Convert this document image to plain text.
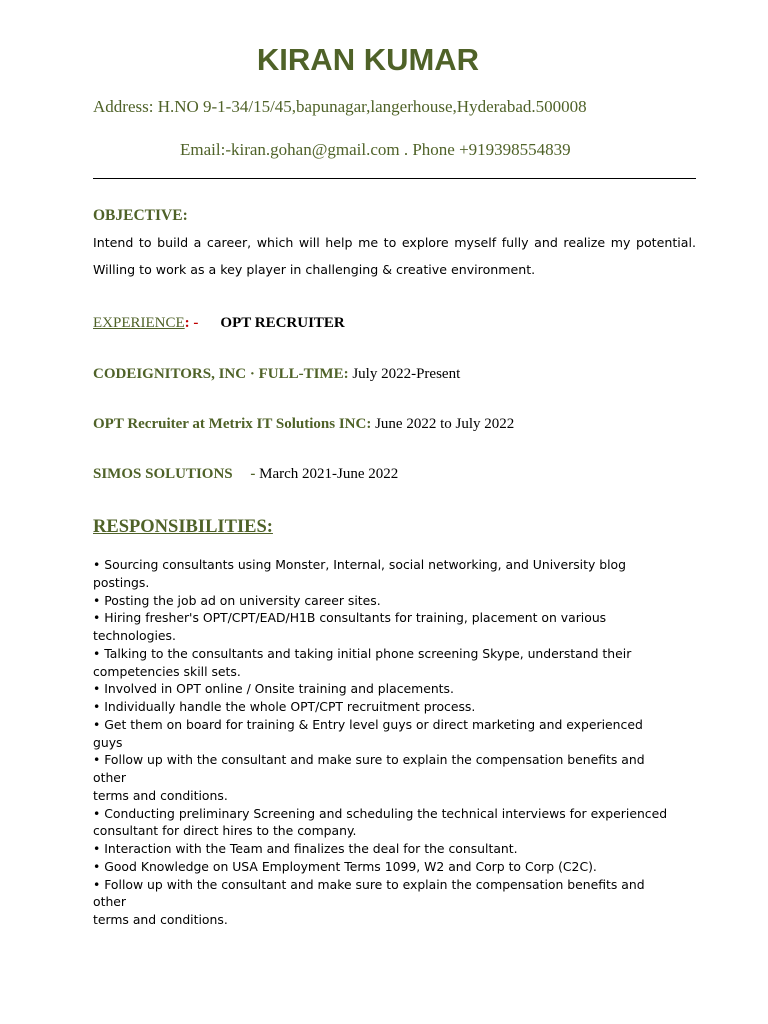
KIRAN KUMAR
Address: H.NO 9-1-34/15/45,bapunagar,langerhouse,Hyderabad.500008
Email:-kiran.gohan@gmail.com . Phone +919398554839
OBJECTIVE:
Intend to build a career, which will help me to explore myself fully and realize my potential.
Willing to work as a key player in challenging & creative environment.
EXPERIENCE: - OPT RECRUITER
CODEIGNITORS, INC · FULL-TIME: July 2022-Present
OPT Recruiter at Metrix IT Solutions INC: June 2022 to July 2022
SIMOS SOLUTIONS - March 2021-June 2022
RESPONSIBILITIES:
• Sourcing consultants using Monster, Internal, social networking, and University blog
postings.
• Posting the job ad on university career sites.
• Hiring fresher's OPT/CPT/EAD/H1B consultants for training, placement on various
technologies.
• Talking to the consultants and taking initial phone screening Skype, understand their
competencies skill sets.
• Involved in OPT online / Onsite training and placements.
• Individually handle the whole OPT/CPT recruitment process.
• Get them on board for training & Entry level guys or direct marketing and experienced
guys
• Follow up with the consultant and make sure to explain the compensation benefits and
other
terms and conditions.
• Conducting preliminary Screening and scheduling the technical interviews for experienced
consultant for direct hires to the company.
• Interaction with the Team and finalizes the deal for the consultant.
• Good Knowledge on USA Employment Terms 1099, W2 and Corp to Corp (C2C).
• Follow up with the consultant and make sure to explain the compensation benefits and
other
terms and conditions.
